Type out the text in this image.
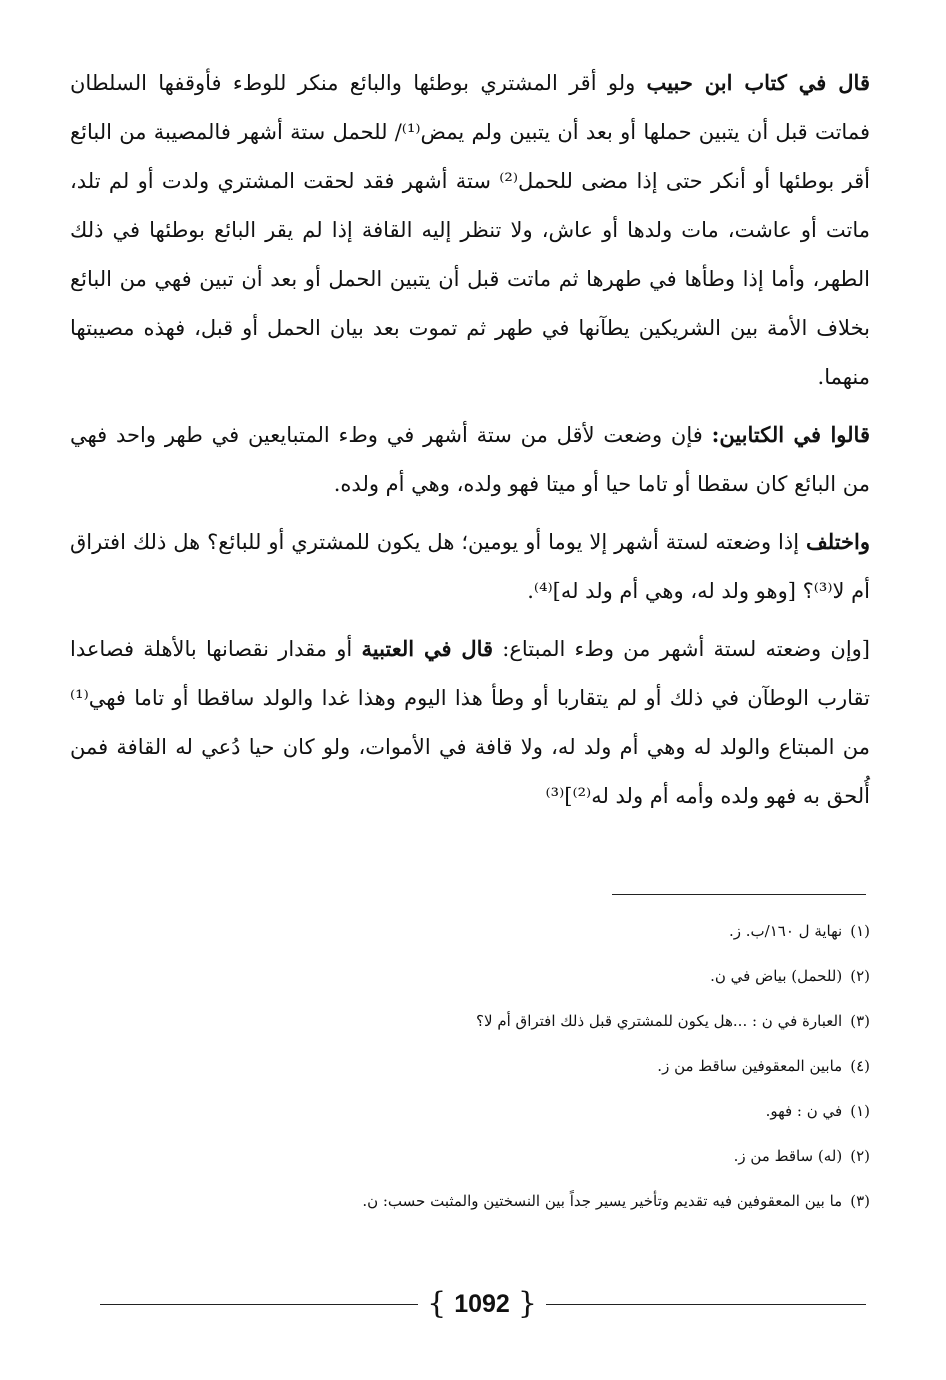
قال في كتاب ابن حبيب ولو أقر المشتري بوطئها والبائع منكر للوطء فأوقفها السلطان فماتت قبل أن يتبين حملها أو بعد أن يتبين ولم يمض⁽¹⁾/ للحمل ستة أشهر فالمصيبة من البائع أقر بوطئها أو أنكر حتى إذا مضى للحمل⁽²⁾ ستة أشهر فقد لحقت المشتري ولدت أو لم تلد، ماتت أو عاشت، مات ولدها أو عاش، ولا تنظر إليه القافة إذا لم يقر البائع بوطئها في ذلك الطهر، وأما إذا وطأها في طهرها ثم ماتت قبل أن يتبين الحمل أو بعد أن تبين فهي من البائع بخلاف الأمة بين الشريكين يطآنها في طهر ثم تموت بعد بيان الحمل أو قبل، فهذه مصيبتها منهما.

قالوا في الكتابين: فإن وضعت لأقل من ستة أشهر في وطء المتبايعين في طهر واحد فهي من البائع كان سقطا أو تاما حيا أو ميتا فهو ولده، وهي أم ولده.

واختلف إذا وضعته لستة أشهر إلا يوما أو يومين؛ هل يكون للمشتري أو للبائع؟ هل ذلك افتراق أم لا⁽³⁾؟ [وهو ولد له، وهي أم ولد له]⁽⁴⁾.

[وإن وضعته لستة أشهر من وطء المبتاع: قال في العتبية أو مقدار نقصانها بالأهلة فصاعدا تقارب الوطآن في ذلك أو لم يتقاربا أو وطأ هذا اليوم وهذا غدا والولد ساقطا أو تاما فهي⁽¹⁾ من المبتاع والولد له وهي أم ولد له، ولا قافة في الأموات، ولو كان حيا دُعي له القافة فمن أُلحق به فهو ولده وأمه أم ولد له⁽²⁾]⁽³⁾

(١)نهاية ل ١٦٠/ب. ز.

(٢)(للحمل) بياض في ن.

(٣)العبارة في ن : ...هل يكون للمشتري قبل ذلك افتراق أم لا؟

(٤)مابين المعقوفين ساقط من ز.

(١)في ن : فهو.

(٢)(له) ساقط من ز.

(٣)ما بين المعقوفين فيه تقديم وتأخير يسير جداً بين النسختين والمثبت حسب: ن.

{ 1092 }
